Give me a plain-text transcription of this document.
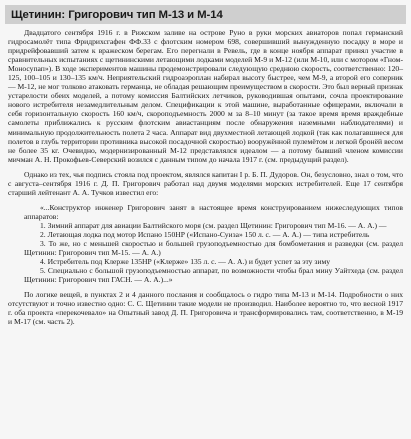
Щетинин: Григорович тип М-13 и М-14

Двадцатого сентября 1916 г. в Рижском заливе на острове Руно в руки морских авиаторов попал германский гидросамолёт типа Фридрихсгафен ФФ.33 с флотским номером 698, совершивший вынужденную посадку в море и придрейфовавший затем к вражеском берегам. Его перегнали в Ревель, где в конце ноября аппарат принял участие в сравнительных испытаниях с щетининскими летающими лодками моделей М-9 и М-12 (или М-10, или с мотором «Гном-Моносупап»). В ходе экспериментов машины продемонстрировали следующую среднюю скорость, соответственно: 120–125, 100–105 и 130–135 км/ч. Неприятельский гидроаэроплан набирал высоту быстрее, чем М-9, а второй его соперник — М-12, не мог толково атаковать германца, не обладая решающим преимуществом в скорости. Это был верный признак устарелости обеих моделей, а потому комиссия Балтийских летчиков, руководившая опытами, сочла проектирование нового истребителя незамедлительным делом. Спецификации к этой машине, выработанные офицерами, включали в себя горизонтальную скорость 160 км/ч, скороподъемность 2000 м за 8–10 минут (за такое время время враждебные самолеты приближались к русским флотским авиастанциям после обнаружения наземными наблюдателями) и минимальную продолжительность полета 2 часа. Аппарат вид двухместной летающей лодкой (так как полагавшиеся для полетов в глубь территории противника высокой посадочной скоростью) вооружённой пулемётом и легкой бронёй весом не более 35 кг. Очевидно, модернизированный М-12 представлялся идеалом — а потому бывший членом комиссии мичман А. Н. Прокофьев-Северский возился с данным типом до начала 1917 г. (см. предыдущий раздел).

Однако из тех, чья подпись стояла под проектом, являлся капитан I р. Б. П. Дудоров. Он, безусловно, знал о том, что с августа–сентября 1916 г. Д. П. Григорович работал над двумя моделями морских истребителей. Еще 17 сентября старший лейтенант А. А. Тучков известил его:

«...Конструктор инженер Григорович занят в настоящее время конструированием нижеследующих типов аппаратов:

1. Зимний аппарат для авиации Балтийского моря (см. раздел Щетинин: Григорович тип М-16. — А. А.) —

2. Летающая лодка под мотор Испано 150НР («Испано-Суиза» 150 л. с. — А. А.) — типа истребитель

3. То же, но с меньшей скоростью и большей грузоподъемностью для бомбометания и разведки (см. раздел Щетинин: Григорович тип М-15. — А. А.)

4. Истребитель под Клерже 135НР («Клерже» 135 л. с. — А. А.) и будет успет за эту зиму

5. Специально с большой грузоподъемностью аппарат, по возможности чтобы брал мину Уайтхеда (см. раздел Щетинин: Григорович тип ГАСН. — А. А.)...»

По логике вещей, в пунктах 2 и 4 данного послания и сообщалось о гидро типа М-13 и М-14. Подробности о них отсутствуют и точно известно одно: С. С. Щетинин такие модели не производил. Наиболее вероятно то, что весной 1917 г. оба проекта «перекочевало» на Опытный завод Д. П. Григоровича и трансформировались там, соответственно, в М-19 и М-17 (см. часть 2).
